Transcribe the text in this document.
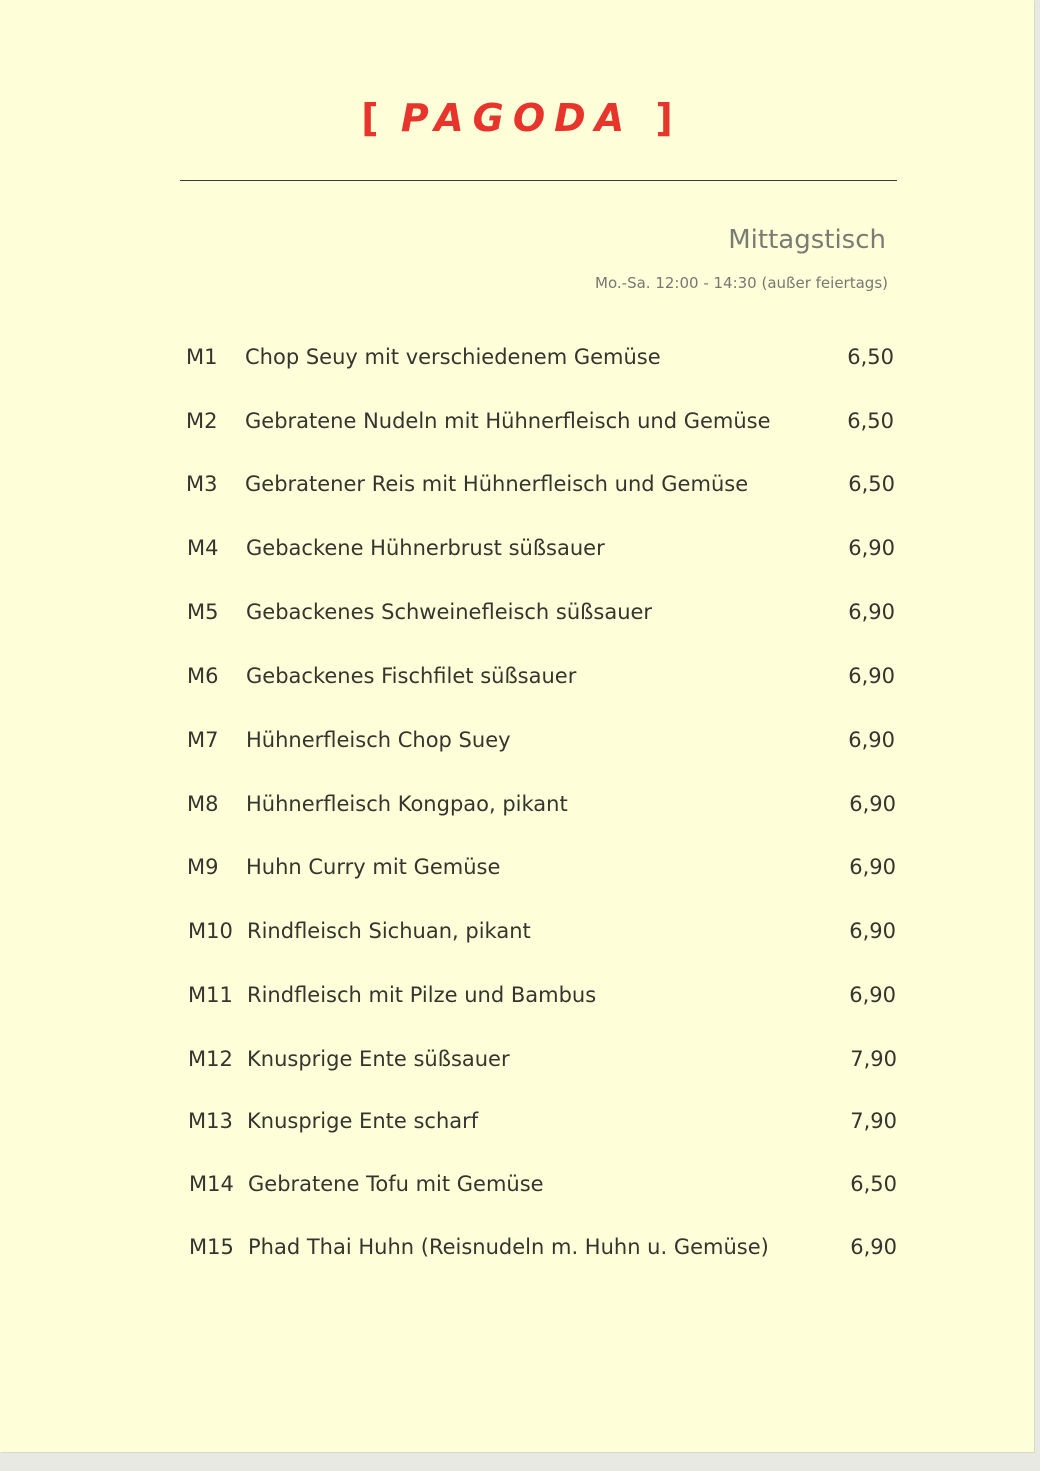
[ PAGODA ]
Mittagstisch
Mo.-Sa. 12:00 - 14:30 (außer feiertags)
M1 Chop Seuy mit verschiedenem Gemüse	6,50
M2 Gebratene Nudeln mit Hühnerfleisch und Gemüse	6,50
M3 Gebratener Reis mit Hühnerfleisch und Gemüse	6,50
M4 Gebackene Hühnerbrust süßsauer	6,90
M5 Gebackenes Schweinefleisch süßsauer	6,90
M6 Gebackenes Fischfilet süßsauer	6,90
M7 Hühnerfleisch Chop Suey	6,90
M8 Hühnerfleisch Kongpao, pikant	6,90
M9 Huhn Curry mit Gemüse	6,90
M10 Rindfleisch Sichuan, pikant	6,90
M11 Rindfleisch mit Pilze und Bambus	6,90
M12 Knusprige Ente süßsauer	7,90
M13 Knusprige Ente scharf	7,90
M14 Gebratene Tofu mit Gemüse	6,50
M15 Phad Thai Huhn (Reisnudeln m. Huhn u. Gemüse)	6,90
